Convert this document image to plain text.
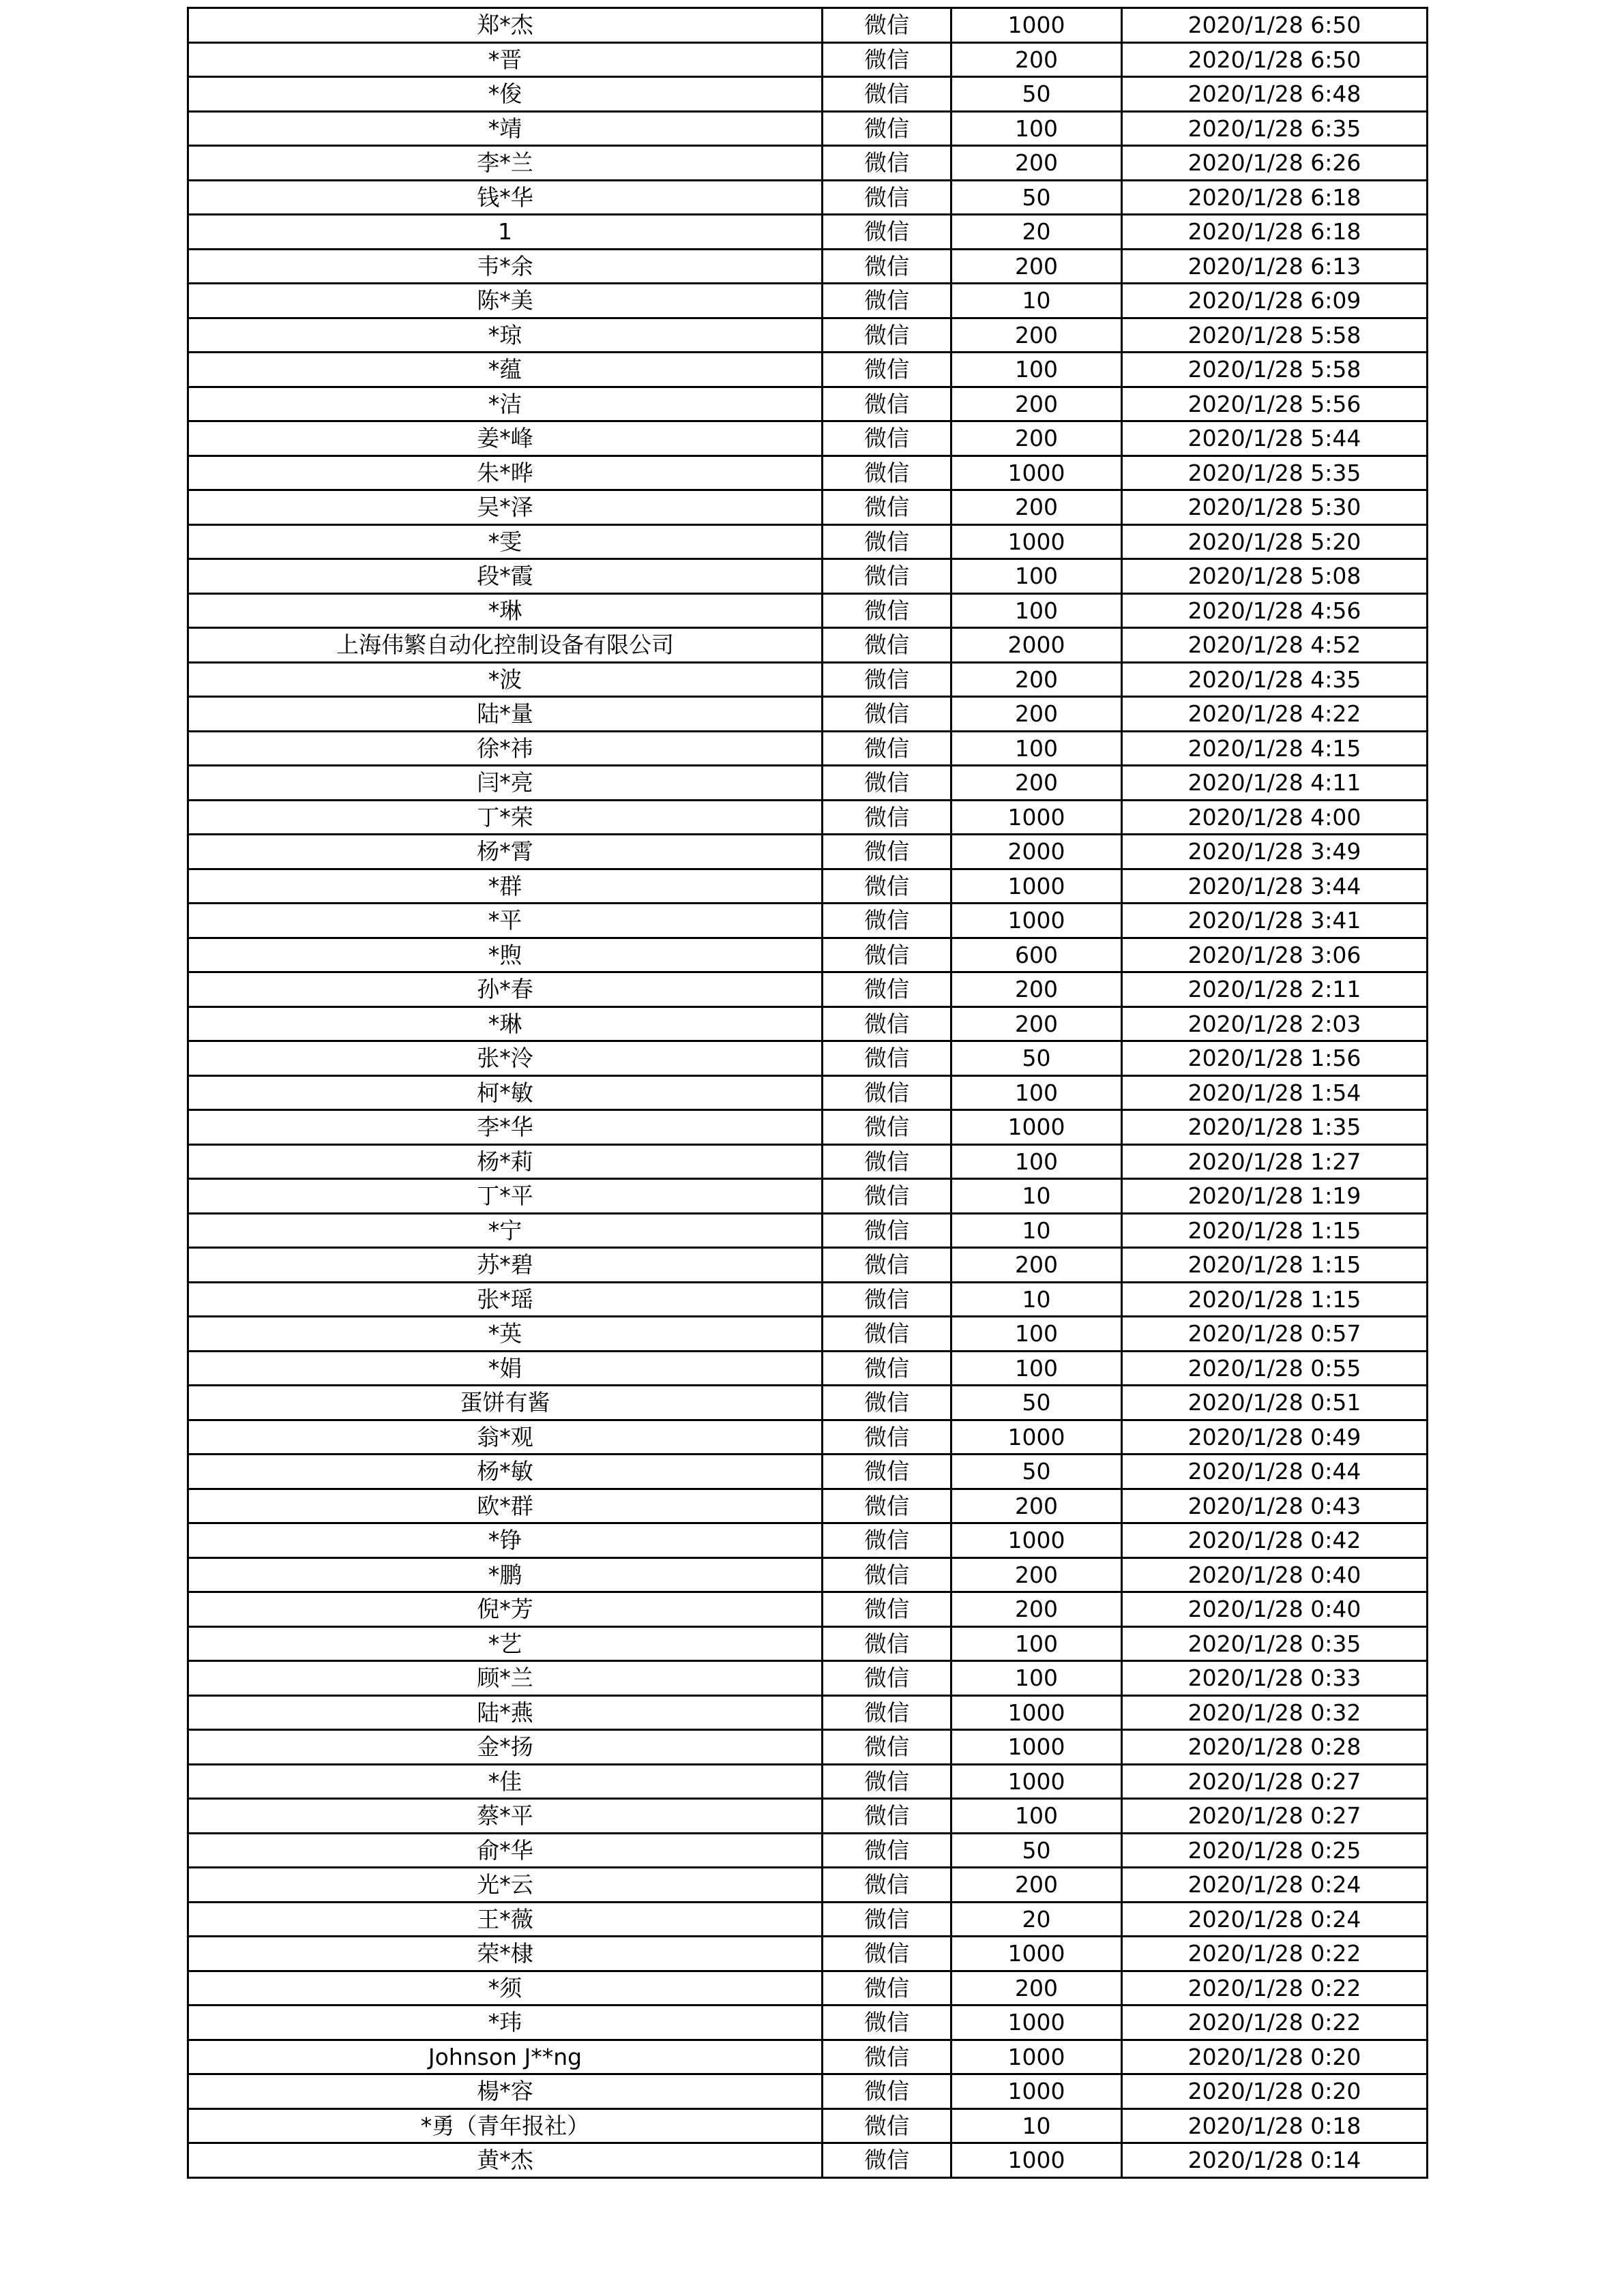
郑*杰	微信	1000	2020/1/28 6:50
*晋	微信	200	2020/1/28 6:50
*俊	微信	50	2020/1/28 6:48
*靖	微信	100	2020/1/28 6:35
李*兰	微信	200	2020/1/28 6:26
钱*华	微信	50	2020/1/28 6:18
1	微信	20	2020/1/28 6:18
韦*余	微信	200	2020/1/28 6:13
陈*美	微信	10	2020/1/28 6:09
*琼	微信	200	2020/1/28 5:58
*蕴	微信	100	2020/1/28 5:58
*洁	微信	200	2020/1/28 5:56
姜*峰	微信	200	2020/1/28 5:44
朱*晔	微信	1000	2020/1/28 5:35
吴*泽	微信	200	2020/1/28 5:30
*雯	微信	1000	2020/1/28 5:20
段*霞	微信	100	2020/1/28 5:08
*琳	微信	100	2020/1/28 4:56
上海伟繁自动化控制设备有限公司	微信	2000	2020/1/28 4:52
*波	微信	200	2020/1/28 4:35
陆*量	微信	200	2020/1/28 4:22
徐*祎	微信	100	2020/1/28 4:15
闫*亮	微信	200	2020/1/28 4:11
丁*荣	微信	1000	2020/1/28 4:00
杨*霄	微信	2000	2020/1/28 3:49
*群	微信	1000	2020/1/28 3:44
*平	微信	1000	2020/1/28 3:41
*煦	微信	600	2020/1/28 3:06
孙*春	微信	200	2020/1/28 2:11
*琳	微信	200	2020/1/28 2:03
张*泠	微信	50	2020/1/28 1:56
柯*敏	微信	100	2020/1/28 1:54
李*华	微信	1000	2020/1/28 1:35
杨*莉	微信	100	2020/1/28 1:27
丁*平	微信	10	2020/1/28 1:19
*宁	微信	10	2020/1/28 1:15
苏*碧	微信	200	2020/1/28 1:15
张*瑶	微信	10	2020/1/28 1:15
*英	微信	100	2020/1/28 0:57
*娟	微信	100	2020/1/28 0:55
蛋饼有酱	微信	50	2020/1/28 0:51
翁*观	微信	1000	2020/1/28 0:49
杨*敏	微信	50	2020/1/28 0:44
欧*群	微信	200	2020/1/28 0:43
*铮	微信	1000	2020/1/28 0:42
*鹏	微信	200	2020/1/28 0:40
倪*芳	微信	200	2020/1/28 0:40
*艺	微信	100	2020/1/28 0:35
顾*兰	微信	100	2020/1/28 0:33
陆*燕	微信	1000	2020/1/28 0:32
金*扬	微信	1000	2020/1/28 0:28
*佳	微信	1000	2020/1/28 0:27
蔡*平	微信	100	2020/1/28 0:27
俞*华	微信	50	2020/1/28 0:25
光*云	微信	200	2020/1/28 0:24
王*薇	微信	20	2020/1/28 0:24
荣*棣	微信	1000	2020/1/28 0:22
*须	微信	200	2020/1/28 0:22
*玮	微信	1000	2020/1/28 0:22
Johnson J**ng	微信	1000	2020/1/28 0:20
楊*容	微信	1000	2020/1/28 0:20
*勇（青年报社）	微信	10	2020/1/28 0:18
黄*杰	微信	1000	2020/1/28 0:14
